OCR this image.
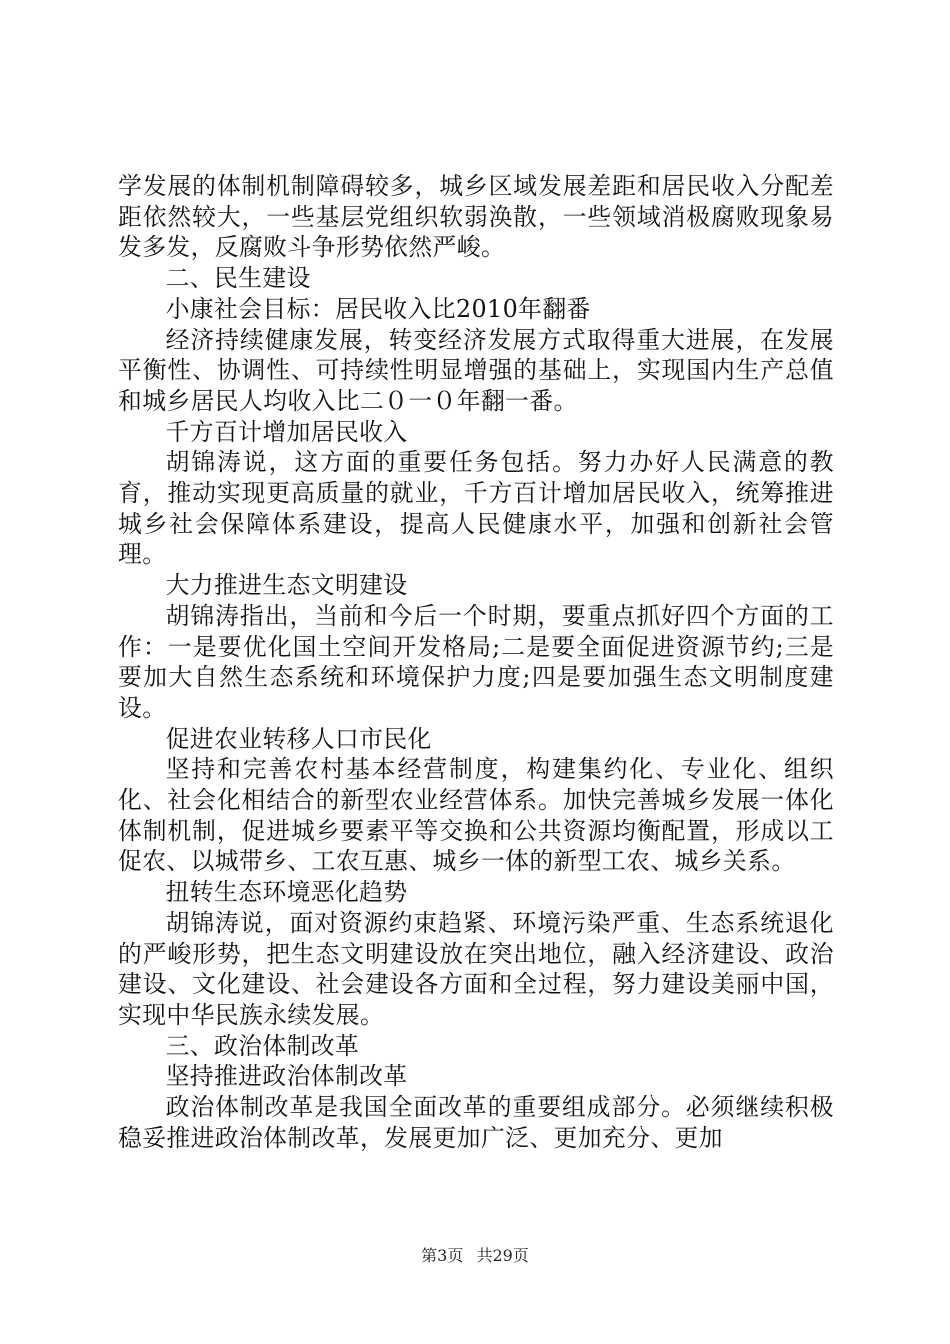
学发展的体制机制障碍较多，城乡区域发展差距和居民收入分配差距依然较大，一些基层党组织软弱涣散，一些领域消极腐败现象易发多发，反腐败斗争形势依然严峻。

二、民生建设

小康社会目标：居民收入比2010年翻番

经济持续健康发展，转变经济发展方式取得重大进展，在发展平衡性、协调性、可持续性明显增强的基础上，实现国内生产总值和城乡居民人均收入比二０一０年翻一番。

千方百计增加居民收入

胡锦涛说，这方面的重要任务包括。努力办好人民满意的教育，推动实现更高质量的就业，千方百计增加居民收入，统筹推进城乡社会保障体系建设，提高人民健康水平，加强和创新社会管理。

大力推进生态文明建设

胡锦涛指出，当前和今后一个时期，要重点抓好四个方面的工作：一是要优化国土空间开发格局;二是要全面促进资源节约;三是要加大自然生态系统和环境保护力度;四是要加强生态文明制度建设。

促进农业转移人口市民化

坚持和完善农村基本经营制度，构建集约化、专业化、组织化、社会化相结合的新型农业经营体系。加快完善城乡发展一体化体制机制，促进城乡要素平等交换和公共资源均衡配置，形成以工促农、以城带乡、工农互惠、城乡一体的新型工农、城乡关系。

扭转生态环境恶化趋势

胡锦涛说，面对资源约束趋紧、环境污染严重、生态系统退化的严峻形势，把生态文明建设放在突出地位，融入经济建设、政治建设、文化建设、社会建设各方面和全过程，努力建设美丽中国，实现中华民族永续发展。

三、政治体制改革

坚持推进政治体制改革

政治体制改革是我国全面改革的重要组成部分。必须继续积极稳妥推进政治体制改革，发展更加广泛、更加充分、更加

第3页 共29页
